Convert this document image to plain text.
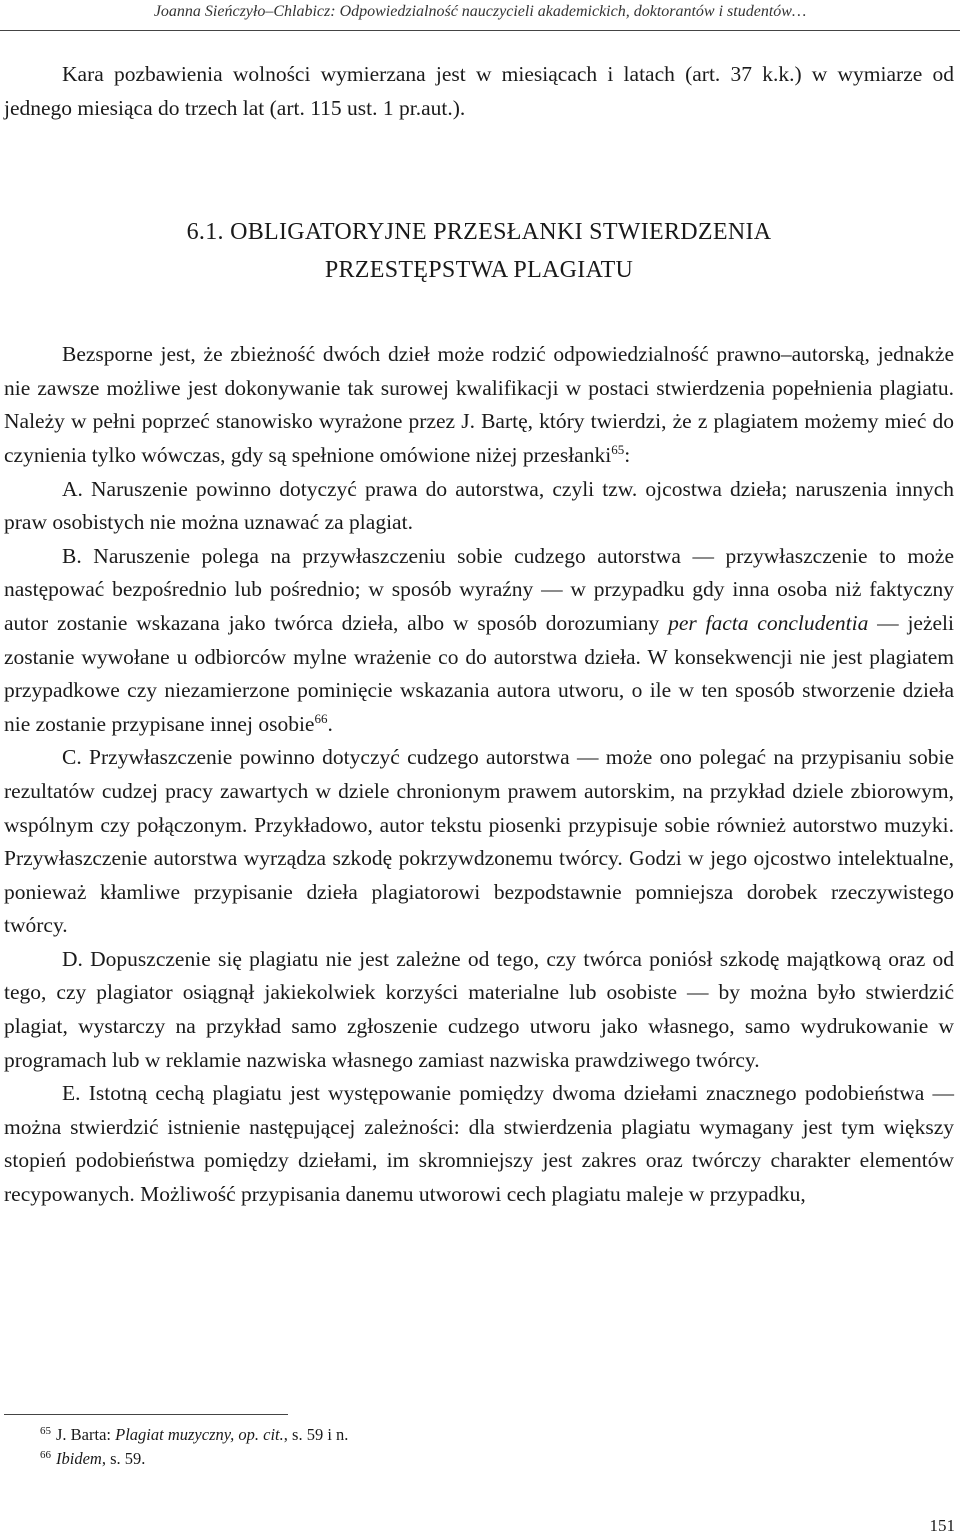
Joanna Sieńczyło–Chlabicz: Odpowiedzialność nauczycieli akademickich, doktorantów i studentów…

Kara pozbawienia wolności wymierzana jest w miesiącach i latach (art. 37 k.k.) w wymiarze od jednego miesiąca do trzech lat (art. 115 ust. 1 pr.aut.).

6.1. OBLIGATORYJNE PRZESŁANKI STWIERDZENIA
PRZESTĘPSTWA PLAGIATU

Bezsporne jest, że zbieżność dwóch dzieł może rodzić odpowiedzialność prawno–autorską, jednakże nie zawsze możliwe jest dokonywanie tak surowej kwalifikacji w postaci stwierdzenia popełnienia plagiatu. Należy w pełni poprzeć stanowisko wyrażone przez J. Bartę, który twierdzi, że z plagiatem możemy mieć do czynienia tylko wówczas, gdy są spełnione omówione niżej przesłanki$^{65}$:

A. Naruszenie powinno dotyczyć prawa do autorstwa, czyli tzw. ojcostwa dzieła; naruszenia innych praw osobistych nie można uznawać za plagiat.

B. Naruszenie polega na przywłaszczeniu sobie cudzego autorstwa — przywłaszczenie to może następować bezpośrednio lub pośrednio; w sposób wyraźny — w przypadku gdy inna osoba niż faktyczny autor zostanie wskazana jako twórca dzieła, albo w sposób dorozumiany per facta concludentia — jeżeli zostanie wywołane u odbiorców mylne wrażenie co do autorstwa dzieła. W konsekwencji nie jest plagiatem przypadkowe czy niezamierzone pominięcie wskazania autora utworu, o ile w ten sposób stworzenie dzieła nie zostanie przypisane innej osobie$^{66}$.

C. Przywłaszczenie powinno dotyczyć cudzego autorstwa — może ono polegać na przypisaniu sobie rezultatów cudzej pracy zawartych w dziele chronionym prawem autorskim, na przykład dziele zbiorowym, wspólnym czy połączonym. Przykładowo, autor tekstu piosenki przypisuje sobie również autorstwo muzyki. Przywłaszczenie autorstwa wyrządza szkodę pokrzywdzonemu twórcy. Godzi w jego ojcostwo intelektualne, ponieważ kłamliwe przypisanie dzieła plagiatorowi bezpodstawnie pomniejsza dorobek rzeczywistego twórcy.

D. Dopuszczenie się plagiatu nie jest zależne od tego, czy twórca poniósł szkodę majątkową oraz od tego, czy plagiator osiągnął jakiekolwiek korzyści materialne lub osobiste — by można było stwierdzić plagiat, wystarczy na przykład samo zgłoszenie cudzego utworu jako własnego, samo wydrukowanie w programach lub w reklamie nazwiska własnego zamiast nazwiska prawdziwego twórcy.

E. Istotną cechą plagiatu jest występowanie pomiędzy dwoma dziełami znacznego podobieństwa — można stwierdzić istnienie następującej zależności: dla stwierdzenia plagiatu wymagany jest tym większy stopień podobieństwa pomiędzy dziełami, im skromniejszy jest zakres oraz twórczy charakter elementów recypowanych. Możliwość przypisania danemu utworowi cech plagiatu maleje w przypadku,

$^{65}$ J. Barta: Plagiat muzyczny, op. cit., s. 59 i n.
$^{66}$ Ibidem, s. 59.
151
